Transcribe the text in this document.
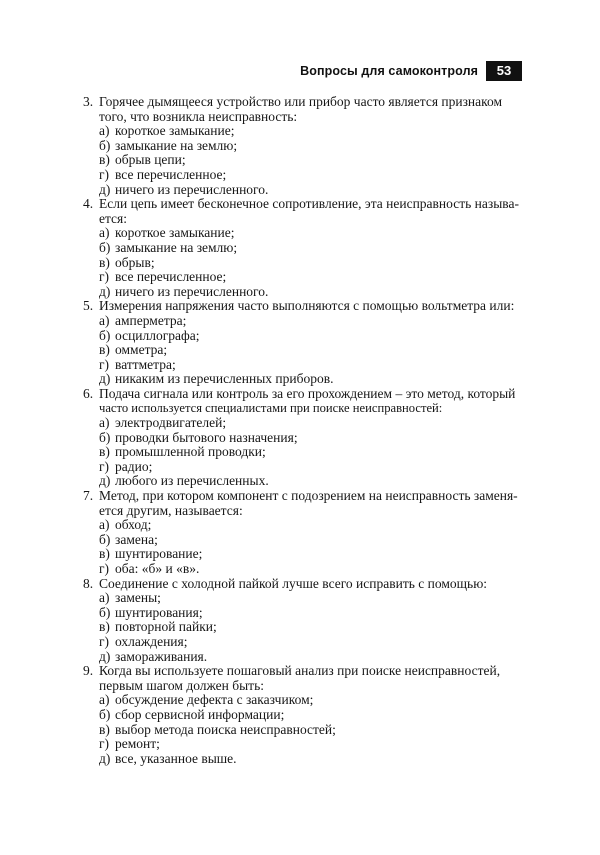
Вопросы для самоконтроля	53
3. Горячее дымящееся устройство или прибор часто является признаком
того, что возникла неисправность:
а) короткое замыкание;
б) замыкание на землю;
в) обрыв цепи;
г) все перечисленное;
д) ничего из перечисленного.
4. Если цепь имеет бесконечное сопротивление, эта неисправность называ-
ется:
а) короткое замыкание;
б) замыкание на землю;
в) обрыв;
г) все перечисленное;
д) ничего из перечисленного.
5. Измерения напряжения часто выполняются с помощью вольтметра или:
а) амперметра;
б) осциллографа;
в) омметра;
г) ваттметра;
д) никаким из перечисленных приборов.
6. Подача сигнала или контроль за его прохождением – это метод, который
часто используется специалистами при поиске неисправностей:
а) электродвигателей;
б) проводки бытового назначения;
в) промышленной проводки;
г) радио;
д) любого из перечисленных.
7. Метод, при котором компонент с подозрением на неисправность заменя-
ется другим, называется:
а) обход;
б) замена;
в) шунтирование;
г) оба: «б» и «в».
8. Соединение с холодной пайкой лучше всего исправить с помощью:
а) замены;
б) шунтирования;
в) повторной пайки;
г) охлаждения;
д) замораживания.
9. Когда вы используете пошаговый анализ при поиске неисправностей,
первым шагом должен быть:
а) обсуждение дефекта с заказчиком;
б) сбор сервисной информации;
в) выбор метода поиска неисправностей;
г) ремонт;
д) все, указанное выше.
